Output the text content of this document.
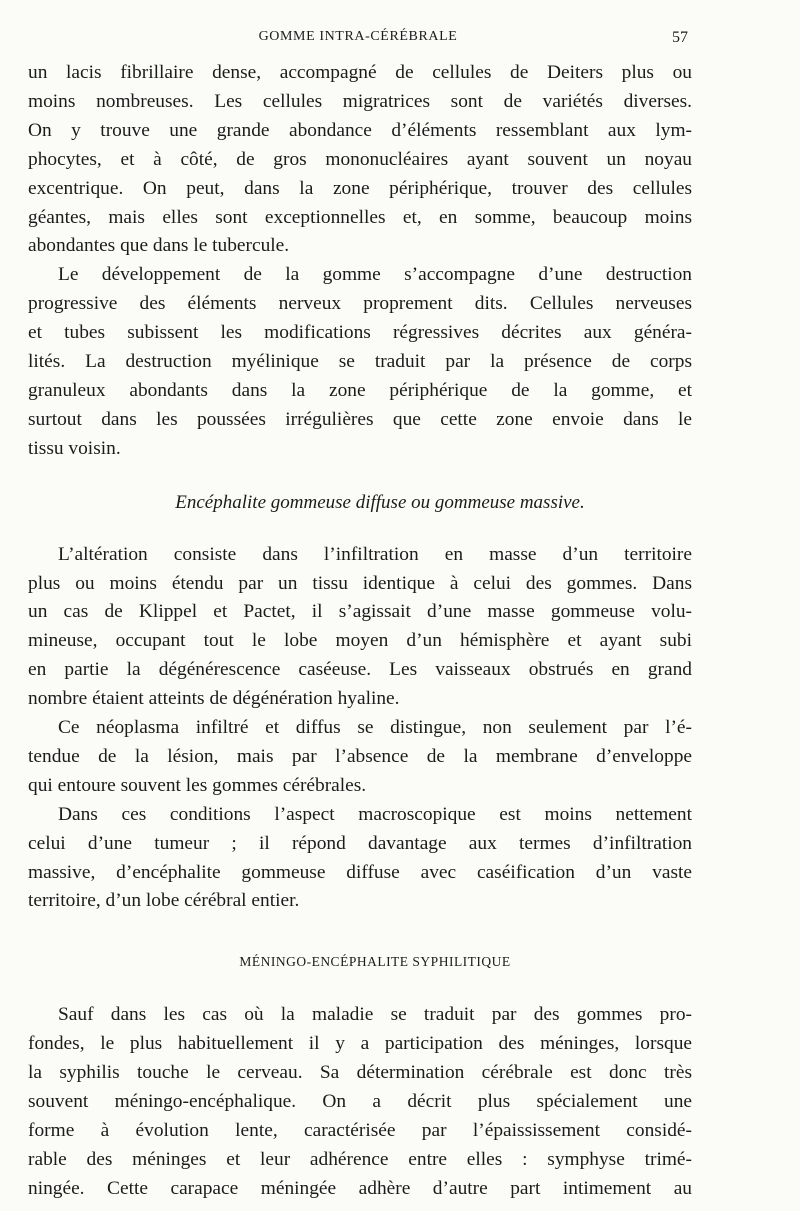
GOMME INTRA-CÉRÉBRALE	57
un lacis fibrillaire dense, accompagné de cellules de Deiters plus ou
moins nombreuses. Les cellules migratrices sont de variétés diverses.
On y trouve une grande abondance d’éléments ressemblant aux lym-
phocytes, et à côté, de gros mononucléaires ayant souvent un noyau
excentrique. On peut, dans la zone périphérique, trouver des cellules
géantes, mais elles sont exceptionnelles et, en somme, beaucoup moins
abondantes que dans le tubercule.
Le développement de la gomme s’accompagne d’une destruction
progressive des éléments nerveux proprement dits. Cellules nerveuses
et tubes subissent les modifications régressives décrites aux généra-
lités. La destruction myélinique se traduit par la présence de corps
granuleux abondants dans la zone périphérique de la gomme, et
surtout dans les poussées irrégulières que cette zone envoie dans le
tissu voisin.
Encéphalite gommeuse diffuse ou gommeuse massive.
L’altération consiste dans l’infiltration en masse d’un territoire
plus ou moins étendu par un tissu identique à celui des gommes. Dans
un cas de Klippel et Pactet, il s’agissait d’une masse gommeuse volu-
mineuse, occupant tout le lobe moyen d’un hémisphère et ayant subi
en partie la dégénérescence caséeuse. Les vaisseaux obstrués en grand
nombre étaient atteints de dégénération hyaline.
Ce néoplasma infiltré et diffus se distingue, non seulement par l’é-
tendue de la lésion, mais par l’absence de la membrane d’enveloppe
qui entoure souvent les gommes cérébrales.
Dans ces conditions l’aspect macroscopique est moins nettement
celui d’une tumeur ; il répond davantage aux termes d’infiltration
massive, d’encéphalite gommeuse diffuse avec caséification d’un vaste
territoire, d’un lobe cérébral entier.
MÉNINGO-ENCÉPHALITE SYPHILITIQUE
Sauf dans les cas où la maladie se traduit par des gommes pro-
fondes, le plus habituellement il y a participation des méninges, lorsque
la syphilis touche le cerveau. Sa détermination cérébrale est donc très
souvent méningo-encéphalique. On a décrit plus spécialement une
forme à évolution lente, caractérisée par l’épaississement considé-
rable des méninges et leur adhérence entre elles : symphyse trimé-
ningée. Cette carapace méningée adhère d’autre part intimement au
